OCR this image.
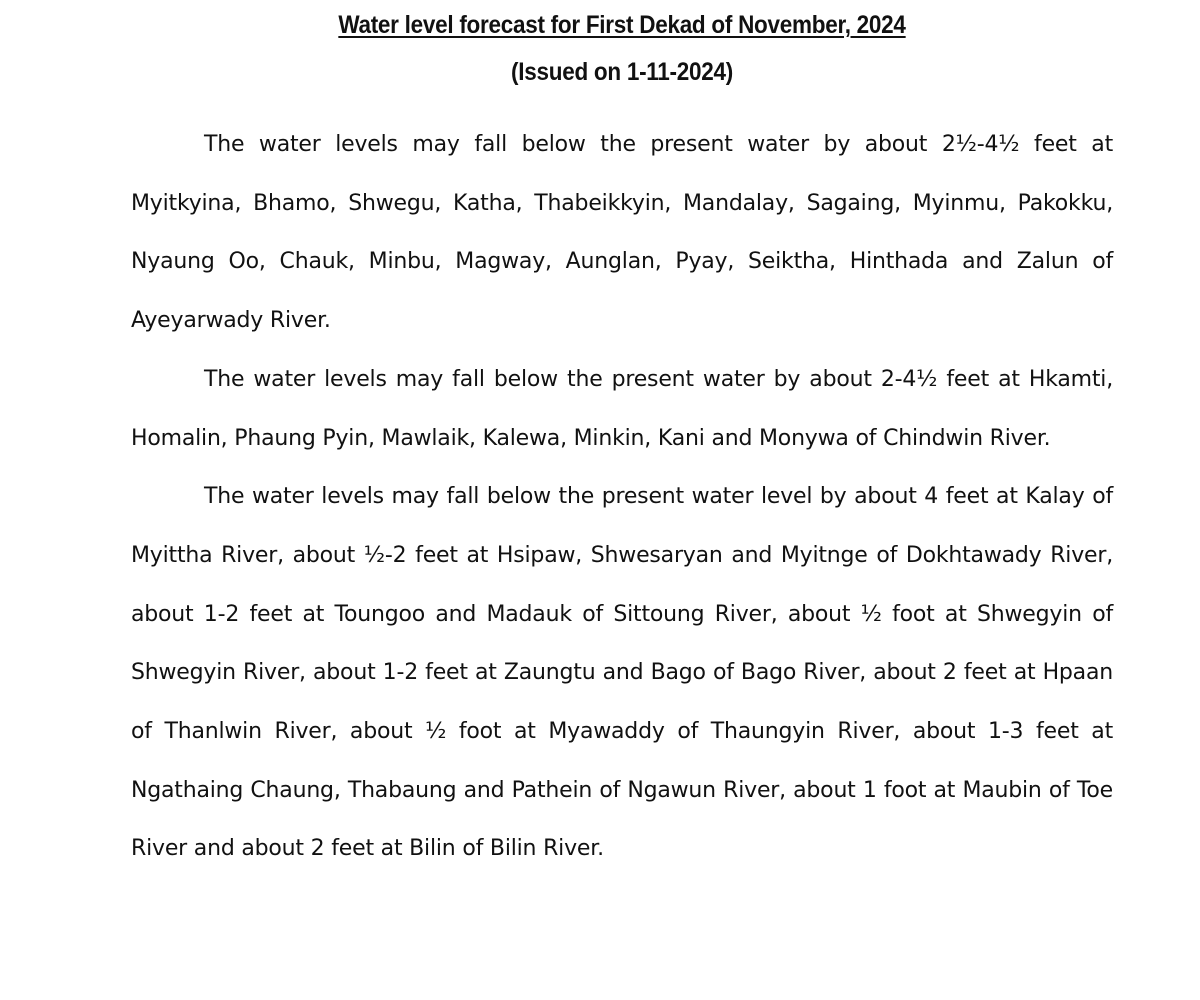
Water level forecast for First Dekad of November, 2024
(Issued on 1-11-2024)

The water levels may fall below the present water by about 2½-4½ feet at Myitkyina, Bhamo, Shwegu, Katha, Thabeikkyin, Mandalay, Sagaing, Myinmu, Pakokku, Nyaung Oo, Chauk, Minbu, Magway, Aunglan, Pyay, Seiktha, Hinthada and Zalun of Ayeyarwady River.

The water levels may fall below the present water by about 2-4½ feet at Hkamti, Homalin, Phaung Pyin, Mawlaik, Kalewa, Minkin, Kani and Monywa of Chindwin River.

The water levels may fall below the present water level by about 4 feet at Kalay of Myittha River, about ½-2 feet at Hsipaw, Shwesaryan and Myitnge of Dokhtawady River, about 1-2 feet at Toungoo and Madauk of Sittoung River, about ½ foot at Shwegyin of Shwegyin River, about 1-2 feet at Zaungtu and Bago of Bago River, about 2 feet at Hpaan of Thanlwin River, about ½ foot at Myawaddy of Thaungyin River, about 1-3 feet at Ngathaing Chaung, Thabaung and Pathein of Ngawun River, about 1 foot at Maubin of Toe River and about 2 feet at Bilin of Bilin River.
